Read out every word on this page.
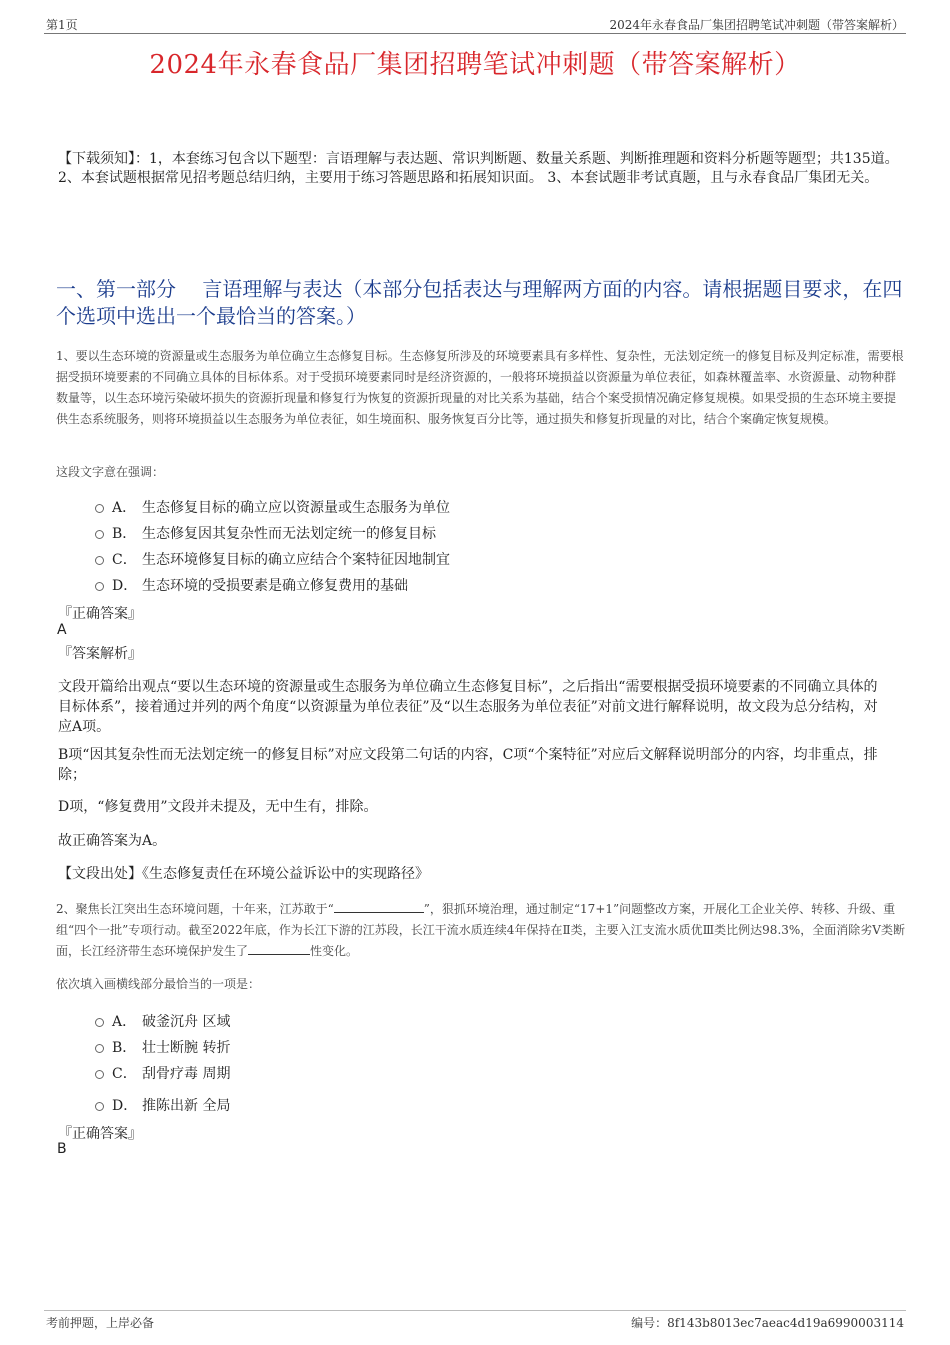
第1页	2024年永春食品厂集团招聘笔试冲刺题（带答案解析）
2024年永春食品厂集团招聘笔试冲刺题（带答案解析）
【下载须知】：1，本套练习包含以下题型：言语理解与表达题、常识判断题、数量关系题、判断推理题和资料分析题等题型；共135道。 2、本套试题根据常见招考题总结归纳，主要用于练习答题思路和拓展知识面。 3、本套试题非考试真题，且与永春食品厂集团无关。
一、第一部分　 言语理解与表达（本部分包括表达与理解两方面的内容。请根据题目要求，在四个选项中选出一个最恰当的答案。）
1、要以生态环境的资源量或生态服务为单位确立生态修复目标。生态修复所涉及的环境要素具有多样性、复杂性，无法划定统一的修复目标及判定标准，需要根据受损环境要素的不同确立具体的目标体系。对于受损环境要素同时是经济资源的，一般将环境损益以资源量为单位表征，如森林覆盖率、水资源量、动物种群数量等，以生态环境污染破坏损失的资源折现量和修复行为恢复的资源折现量的对比关系为基础，结合个案受损情况确定修复规模。如果受损的生态环境主要提供生态系统服务，则将环境损益以生态服务为单位表征，如生境面积、服务恢复百分比等，通过损失和修复折现量的对比，结合个案确定恢复规模。
这段文字意在强调：
A． 生态修复目标的确立应以资源量或生态服务为单位
B． 生态修复因其复杂性而无法划定统一的修复目标
C． 生态环境修复目标的确立应结合个案特征因地制宜
D． 生态环境的受损要素是确立修复费用的基础
『正确答案』
A
『答案解析』
文段开篇给出观点“要以生态环境的资源量或生态服务为单位确立生态修复目标”，之后指出“需要根据受损环境要素的不同确立具体的目标体系”，接着通过并列的两个角度“以资源量为单位表征”及“以生态服务为单位表征”对前文进行解释说明，故文段为总分结构，对应A项。
B项“因其复杂性而无法划定统一的修复目标”对应文段第二句话的内容，C项“个案特征”对应后文解释说明部分的内容，均非重点，排除；
D项，“修复费用”文段并未提及，无中生有，排除。
故正确答案为A。
【文段出处】《生态修复责任在环境公益诉讼中的实现路径》
2、聚焦长江突出生态环境问题，十年来，江苏敢于“	”，狠抓环境治理，通过制定“17+1”问题整改方案，开展化工企业关停、转移、升级、重组“四个一批”专项行动。截至2022年底，作为长江下游的江苏段，长江干流水质连续4年保持在Ⅱ类，主要入江支流水质优Ⅲ类比例达98.3%，全面消除劣Ⅴ类断面，长江经济带生态环境保护发生了	性变化。
依次填入画横线部分最恰当的一项是：
A． 破釜沉舟 区域
B． 壮士断腕 转折
C． 刮骨疗毒 周期
D． 推陈出新 全局
『正确答案』
B
考前押题，上岸必备	编号：8f143b8013ec7aeac4d19a6990003114
